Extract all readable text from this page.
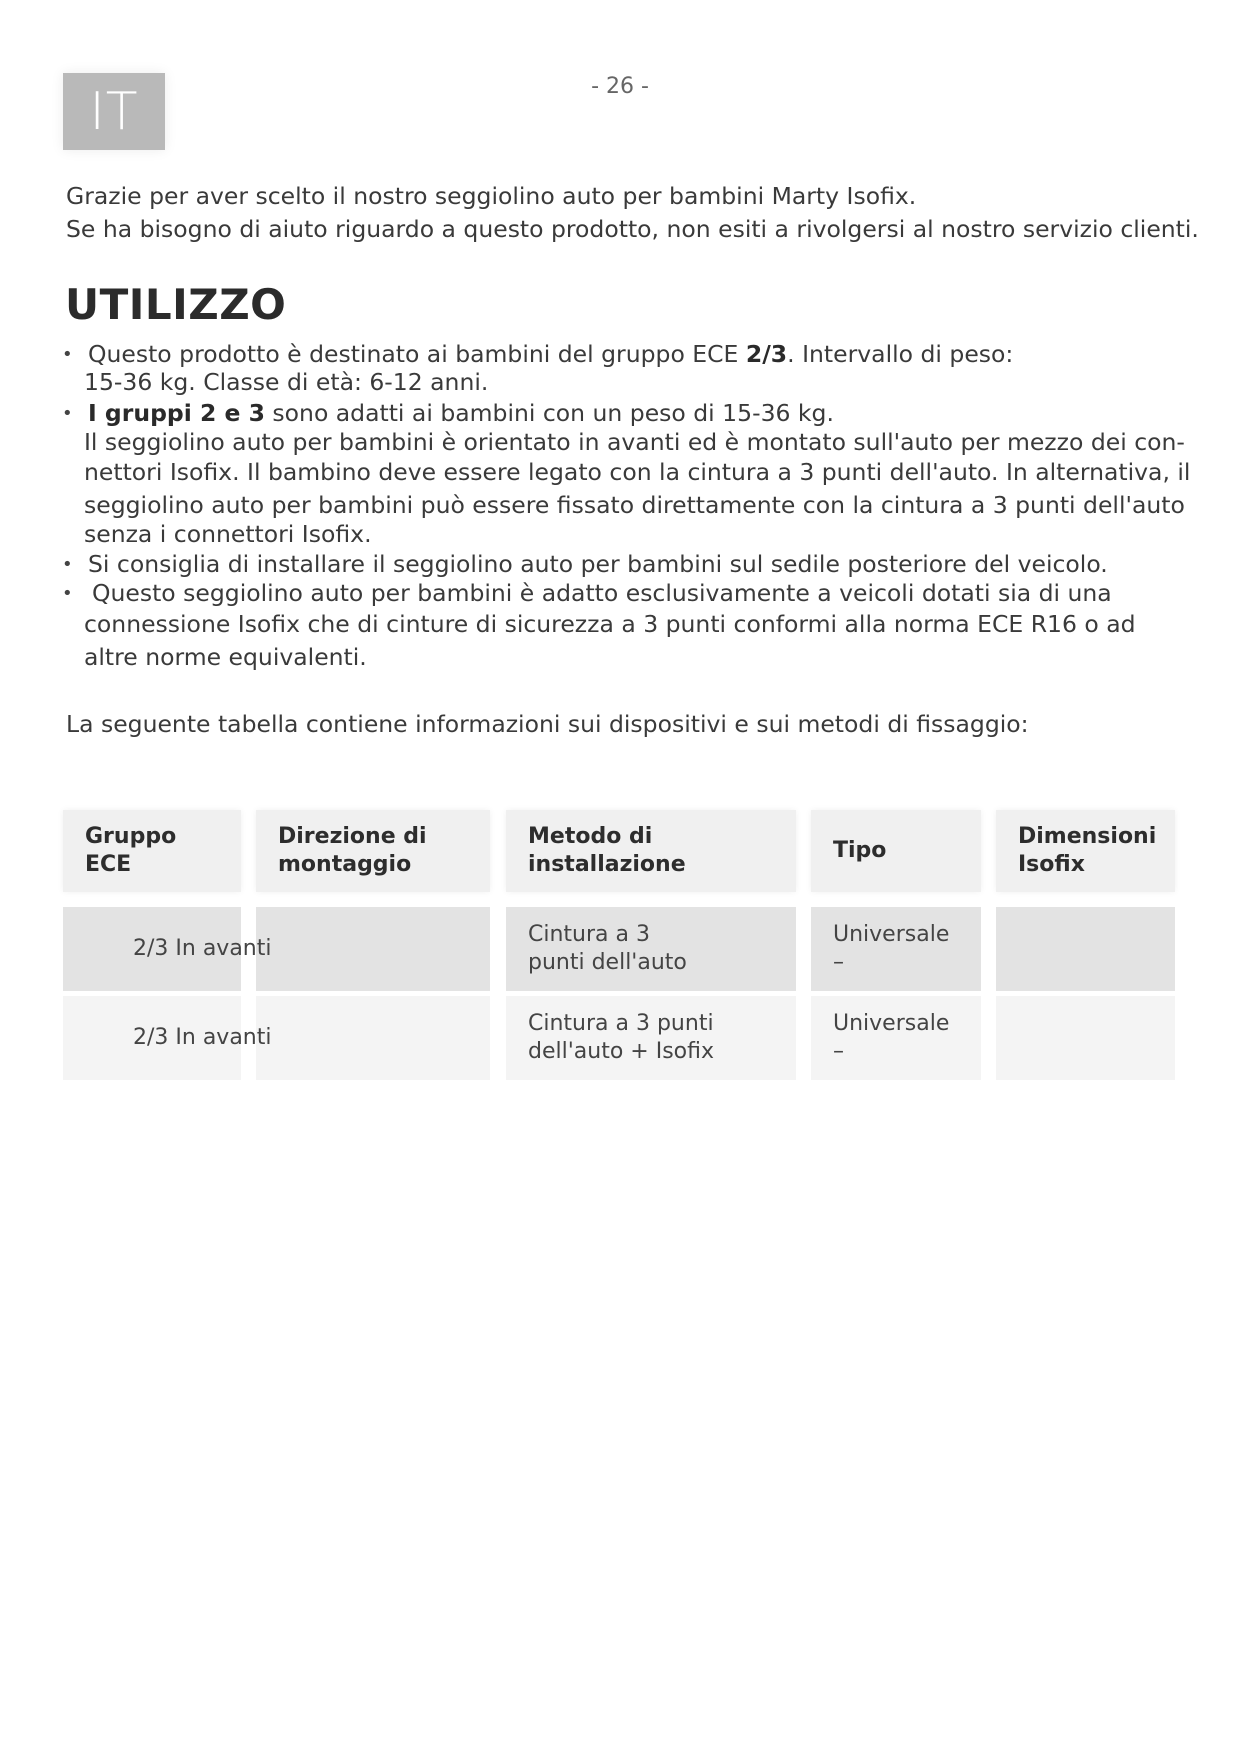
IT	- 26 -

Grazie per aver scelto il nostro seggiolino auto per bambini Marty Isofix.

Se ha bisogno di aiuto riguardo a questo prodotto, non esiti a rivolgersi al nostro servizio clienti.

UTILIZZO
• Questo prodotto è destinato ai bambini del gruppo ECE 2/3. Intervallo di peso:
15-36 kg. Classe di età: 6-12 anni.
• I gruppi 2 e 3 sono adatti ai bambini con un peso di 15-36 kg.
Il seggiolino auto per bambini è orientato in avanti ed è montato sull'auto per mezzo dei con-
nettori Isofix. Il bambino deve essere legato con la cintura a 3 punti dell'auto. In alternativa, il
seggiolino auto per bambini può essere fissato direttamente con la cintura a 3 punti dell'auto
senza i connettori Isofix.
• Si consiglia di installare il seggiolino auto per bambini sul sedile posteriore del veicolo.
• Questo seggiolino auto per bambini è adatto esclusivamente a veicoli dotati sia di una
connessione Isofix che di cinture di sicurezza a 3 punti conformi alla norma ECE R16 o ad
altre norme equivalenti.

La seguente tabella contiene informazioni sui dispositivi e sui metodi di fissaggio:

Gruppo ECE
Direzione di montaggio
Metodo di installazione
Tipo
Dimensioni Isofix
2/3 In avanti
Cintura a 3 punti dell'auto
Universale –
2/3 In avanti
Cintura a 3 punti dell'auto + Isofix
Universale –
